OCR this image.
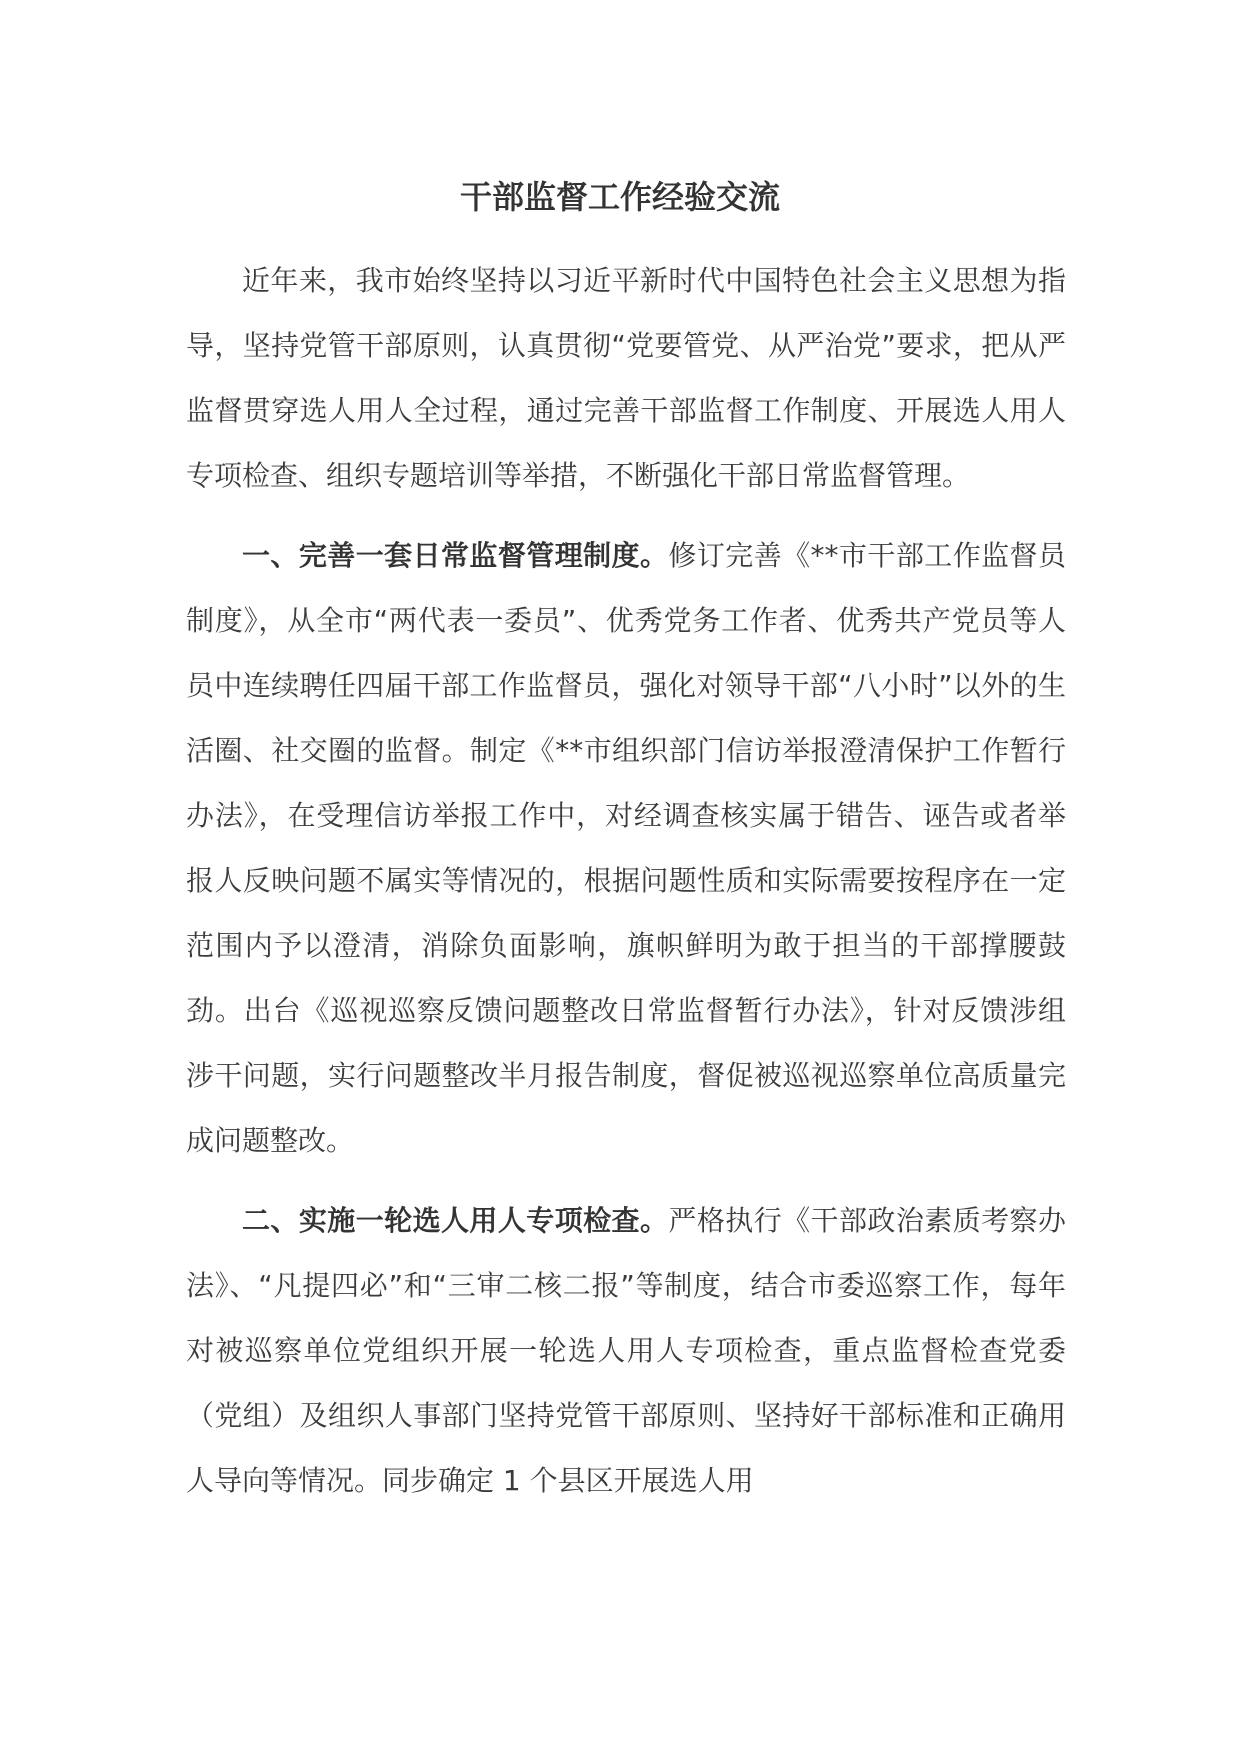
干部监督工作经验交流

近年来，我市始终坚持以习近平新时代中国特色社会主义思想为指导，坚持党管干部原则，认真贯彻“党要管党、从严治党”要求，把从严监督贯穿选人用人全过程，通过完善干部监督工作制度、开展选人用人专项检查、组织专题培训等举措，不断强化干部日常监督管理。

一、完善一套日常监督管理制度。修订完善《**市干部工作监督员制度》，从全市“两代表一委员”、优秀党务工作者、优秀共产党员等人员中连续聘任四届干部工作监督员，强化对领导干部“八小时”以外的生活圈、社交圈的监督。制定《**市组织部门信访举报澄清保护工作暂行办法》，在受理信访举报工作中，对经调查核实属于错告、诬告或者举报人反映问题不属实等情况的，根据问题性质和实际需要按程序在一定范围内予以澄清，消除负面影响，旗帜鲜明为敢于担当的干部撑腰鼓劲。出台《巡视巡察反馈问题整改日常监督暂行办法》，针对反馈涉组涉干问题，实行问题整改半月报告制度，督促被巡视巡察单位高质量完成问题整改。

二、实施一轮选人用人专项检查。严格执行《干部政治素质考察办法》、“凡提四必”和“三审二核二报”等制度，结合市委巡察工作，每年对被巡察单位党组织开展一轮选人用人专项检查，重点监督检查党委（党组）及组织人事部门坚持党管干部原则、坚持好干部标准和正确用人导向等情况。同步确定 1 个县区开展选人用
